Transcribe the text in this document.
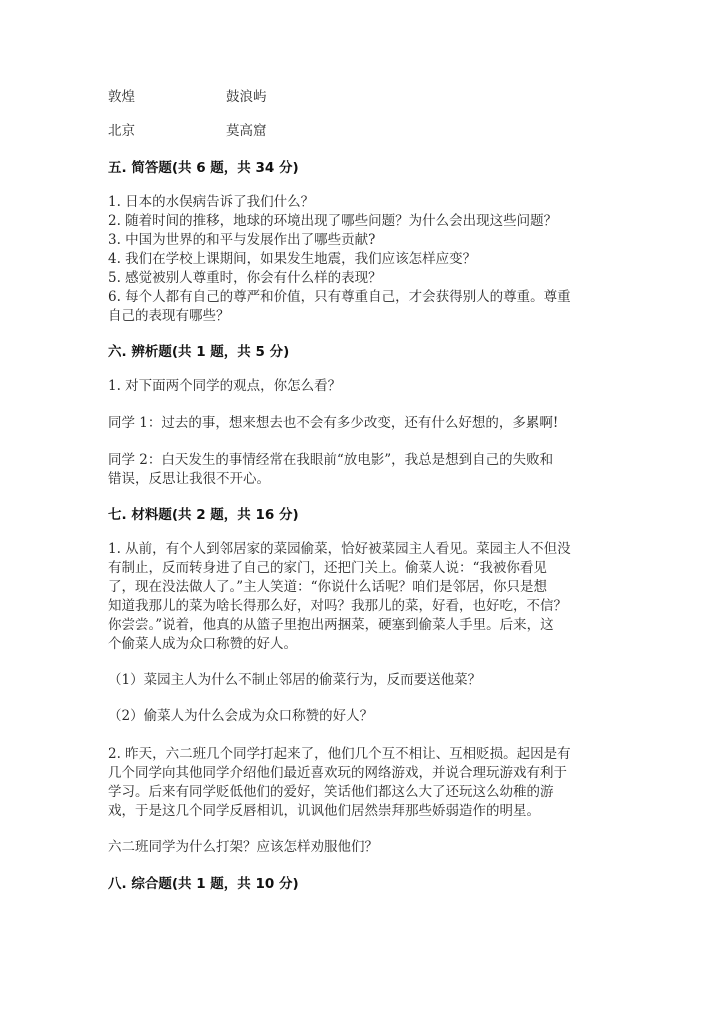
敦煌	鼓浪屿
北京	莫高窟
五. 简答题(共 6 题，共 34 分)
1. 日本的水俣病告诉了我们什么？
2. 随着时间的推移，地球的环境出现了哪些问题？为什么会出现这些问题？
3. 中国为世界的和平与发展作出了哪些贡献?
4. 我们在学校上课期间，如果发生地震，我们应该怎样应变？
5. 感觉被别人尊重时，你会有什么样的表现？
6. 每个人都有自己的尊严和价值，只有尊重自己，才会获得别人的尊重。尊重
自己的表现有哪些？
六. 辨析题(共 1 题，共 5 分)
1. 对下面两个同学的观点，你怎么看？
同学 1：过去的事，想来想去也不会有多少改变，还有什么好想的，多累啊!
同学 2：白天发生的事情经常在我眼前“放电影”，我总是想到自己的失败和
错误，反思让我很不开心。
七. 材料题(共 2 题，共 16 分)
1. 从前，有个人到邻居家的菜园偷菜，恰好被菜园主人看见。菜园主人不但没
有制止，反而转身进了自己的家门，还把门关上。偷菜人说：“我被你看见
了，现在没法做人了。”主人笑道：“你说什么话呢？咱们是邻居，你只是想
知道我那儿的菜为啥长得那么好，对吗？我那儿的菜，好看，也好吃，不信？
你尝尝。”说着，他真的从篮子里抱出两捆菜，硬塞到偷菜人手里。后来，这
个偷菜人成为众口称赞的好人。
（1）菜园主人为什么不制止邻居的偷菜行为，反而要送他菜？
（2）偷菜人为什么会成为众口称赞的好人？
2. 昨天，六二班几个同学打起来了，他们几个互不相让、互相贬损。起因是有
几个同学向其他同学介绍他们最近喜欢玩的网络游戏，并说合理玩游戏有利于
学习。后来有同学贬低他们的爱好，笑话他们都这么大了还玩这么幼稚的游
戏，于是这几个同学反唇相讥，讥讽他们居然崇拜那些娇弱造作的明星。
六二班同学为什么打架？应该怎样劝服他们？
八. 综合题(共 1 题，共 10 分)
